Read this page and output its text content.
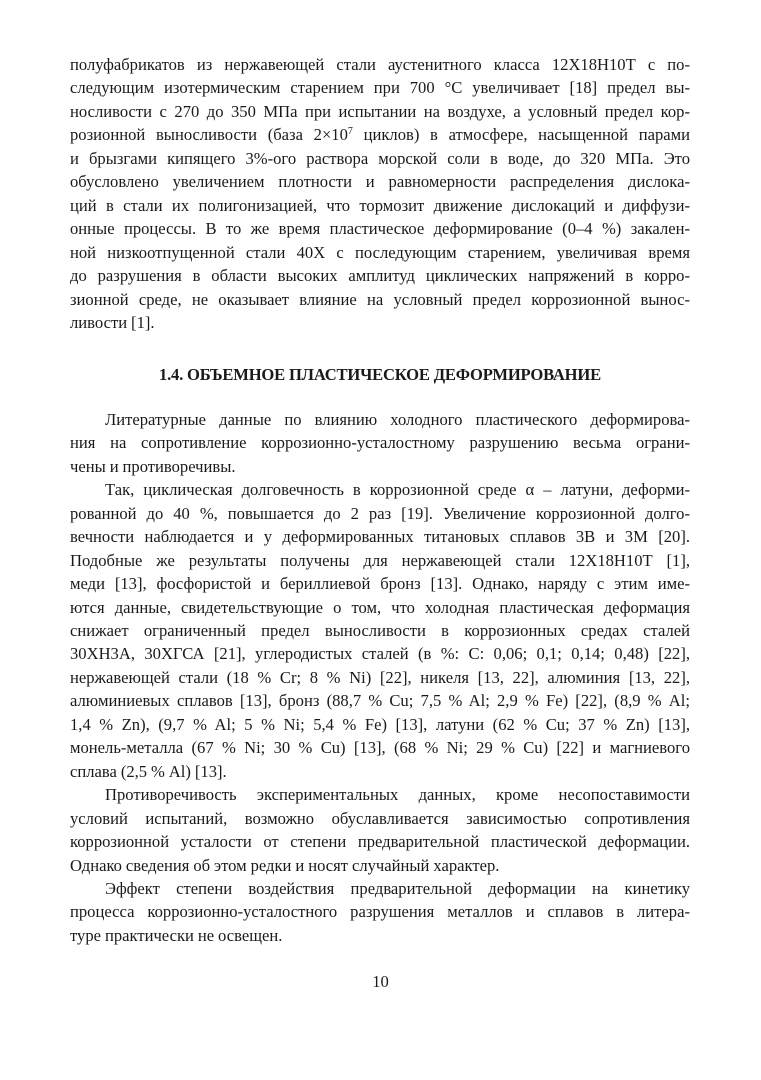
полуфабрикатов из нержавеющей стали аустенитного класса 12Х18Н10Т с по-
следующим изотермическим старением при 700 °С увеличивает [18] предел вы-
носливости с 270 до 350 МПа при испытании на воздухе, а условный предел кор-
розионной выносливости (база $2\times 10^7$ циклов) в атмосфере, насыщенной парами
и брызгами кипящего 3%-ого раствора морской соли в воде, до 320 МПа. Это
обусловлено увеличением плотности и равномерности распределения дислока-
ций в стали их полигонизацией, что тормозит движение дислокаций и диффузи-
онные процессы. В то же время пластическое деформирование (0–4 %) закален-
ной низкоотпущенной стали 40Х с последующим старением, увеличивая время
до разрушения в области высоких амплитуд циклических напряжений в корро-
зионной среде, не оказывает влияние на условный предел коррозионной вынос-
ливости [1].

1.4. ОБЪЕМНОЕ ПЛАСТИЧЕСКОЕ ДЕФОРМИРОВАНИЕ

Литературные данные по влиянию холодного пластического деформирова-
ния на сопротивление коррозионно-усталостному разрушению весьма ограни-
чены и противоречивы.

Так, циклическая долговечность в коррозионной среде α – латуни, деформи-
рованной до 40 %, повышается до 2 раз [19]. Увеличение коррозионной долго-
вечности наблюдается и у деформированных титановых сплавов 3В и 3М [20].
Подобные же результаты получены для нержавеющей стали 12Х18Н10Т [1],
меди [13], фосфористой и бериллиевой бронз [13]. Однако, наряду с этим име-
ются данные, свидетельствующие о том, что холодная пластическая деформация
снижает ограниченный предел выносливости в коррозионных средах сталей
30ХН3А, 30ХГСА [21], углеродистых сталей (в %: С: 0,06; 0,1; 0,14; 0,48) [22],
нержавеющей стали (18 % Cr; 8 % Ni) [22], никеля [13, 22], алюминия [13, 22],
алюминиевых сплавов [13], бронз (88,7 % Cu; 7,5 % Al; 2,9 % Fe) [22], (8,9 % Al;
1,4 % Zn), (9,7 % Al; 5 % Ni; 5,4 % Fe) [13], латуни (62 % Cu; 37 % Zn) [13],
монель-металла (67 % Ni; 30 % Cu) [13], (68 % Ni; 29 % Cu) [22] и магниевого
сплава (2,5 % Al) [13].

Противоречивость экспериментальных данных, кроме несопоставимости
условий испытаний, возможно обуславливается зависимостью сопротивления
коррозионной усталости от степени предварительной пластической деформации.
Однако сведения об этом редки и носят случайный характер.

Эффект степени воздействия предварительной деформации на кинетику
процесса коррозионно-усталостного разрушения металлов и сплавов в литера-
туре практически не освещен.

10
